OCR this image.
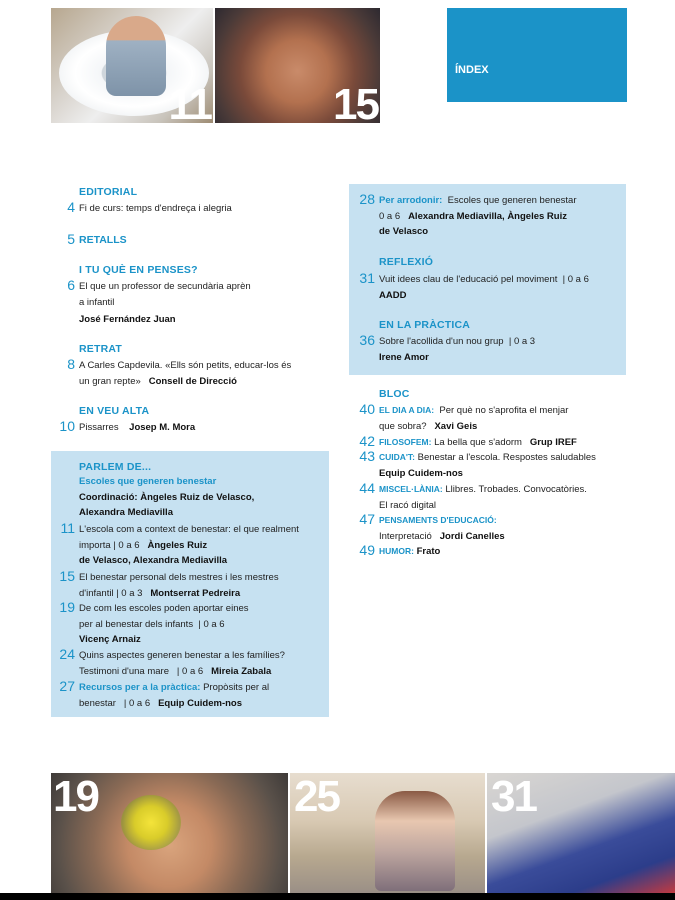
11	15
ÍNDEX
EDITORIAL
4 Fi de curs: temps d'endreça i alegria
5 RETALLS
I TU QUÈ EN PENSES?
6 El que un professor de secundària aprèn
a infantil
José Fernández Juan
RETRAT
8 A Carles Capdevila. «Ells són petits, educar-los és
un gran repte» Consell de Direcció
EN VEU ALTA
10 Pissarres Josep M. Mora
PARLEM DE...
Escoles que generen benestar
Coordinació: Àngeles Ruiz de Velasco,
Alexandra Mediavilla
11 L'escola com a context de benestar: el que realment
importa | 0 a 6 Àngeles Ruiz
de Velasco, Alexandra Mediavilla
15 El benestar personal dels mestres i les mestres
d'infantil | 0 a 3 Montserrat Pedreira
19 De com les escoles poden aportar eines
per al benestar dels infants | 0 a 6
Vicenç Arnaiz
24 Quins aspectes generen benestar a les famílies?
Testimoni d'una mare | 0 a 6 Mireia Zabala
27 Recursos per a la pràctica: Propòsits per al
benestar | 0 a 6 Equip Cuidem-nos
28 Per arrodonir: Escoles que generen benestar
0 a 6 Alexandra Mediavilla, Àngeles Ruiz
de Velasco
REFLEXIÓ
31 Vuit idees clau de l'educació pel moviment | 0 a 6
AADD
EN LA PRÀCTICA
36 Sobre l'acollida d'un nou grup | 0 a 3
Irene Amor
BLOC
40 EL DIA A DIA: Per què no s'aprofita el menjar
que sobra? Xavi Geis
42 FILOSOFEM: La bella que s'adorm Grup IREF
43 CUIDA'T: Benestar a l'escola. Respostes saludables
Equip Cuidem-nos
44 MISCEL·LÀNIA: Llibres. Trobades. Convocatòries.
El racó digital
47 PENSAMENTS D'EDUCACIÓ:
Interpretació Jordi Canelles
49 HUMOR: Frato
19	25	31
